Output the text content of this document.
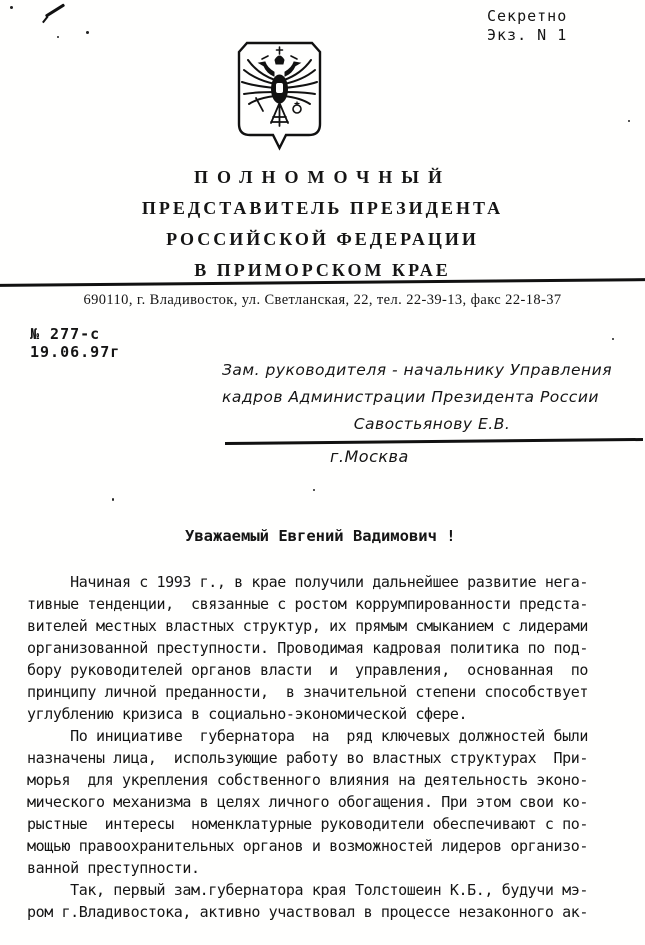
Секретно
Экз. N 1
ПОЛНОМОЧНЫЙ
ПРЕДСТАВИТЕЛЬ ПРЕЗИДЕНТА
РОССИЙСКОЙ ФЕДЕРАЦИИ
В ПРИМОРСКОМ КРАЕ
690110, г. Владивосток, ул. Светланская, 22, тел. 22-39-13, факс 22-18-37
№ 277-с
19.06.97г
Зам. руководителя - начальнику Управления
кадров Администрации Президента России
Савостьянову Е.В.
г.Москва
Уважаемый Евгений Вадимович !
Начиная с 1993 г., в крае получили дальнейшее развитие нега-
тивные тенденции,  связанные с ростом коррумпированности предста-
вителей местных властных структур, их прямым смыканием с лидерами
организованной преступности. Проводимая кадровая политика по под-
бору руководителей органов власти  и  управления,  основанная  по
принципу личной преданности,  в значительной степени способствует
углублению кризиса в социально-экономической сфере.
По инициативе  губернатора  на  ряд ключевых должностей были
назначены лица,  использующие работу во властных структурах  При-
морья  для укрепления собственного влияния на деятельность эконо-
мического механизма в целях личного обогащения. При этом свои ко-
рыстные  интересы  номенклатурные руководители обеспечивают с по-
мощью правоохранительных органов и возможностей лидеров организо-
ванной преступности.
Так, первый зам.губернатора края Толстошеин К.Б., будучи мэ-
ром г.Владивостока, активно участвовал в процессе незаконного ак-
